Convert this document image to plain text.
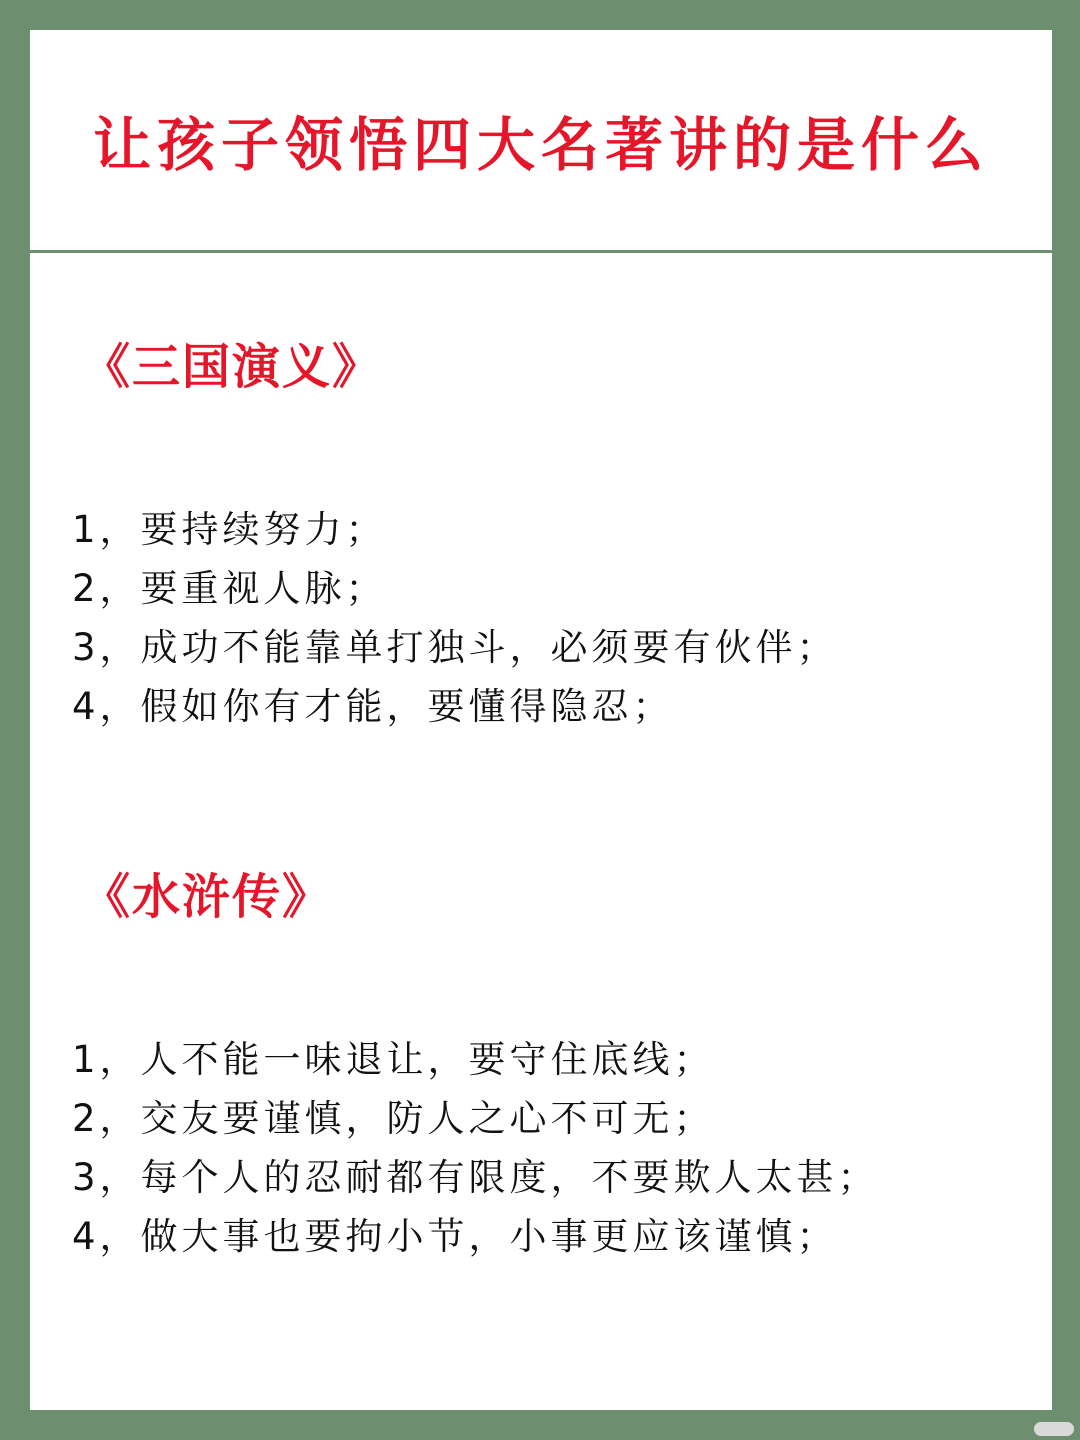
让孩子领悟四大名著讲的是什么
《三国演义》
1，要持续努力；
2，要重视人脉；
3，成功不能靠单打独斗，必须要有伙伴；
4，假如你有才能，要懂得隐忍；
《水浒传》
1，人不能一味退让，要守住底线；
2，交友要谨慎，防人之心不可无；
3，每个人的忍耐都有限度，不要欺人太甚；
4，做大事也要拘小节，小事更应该谨慎；
